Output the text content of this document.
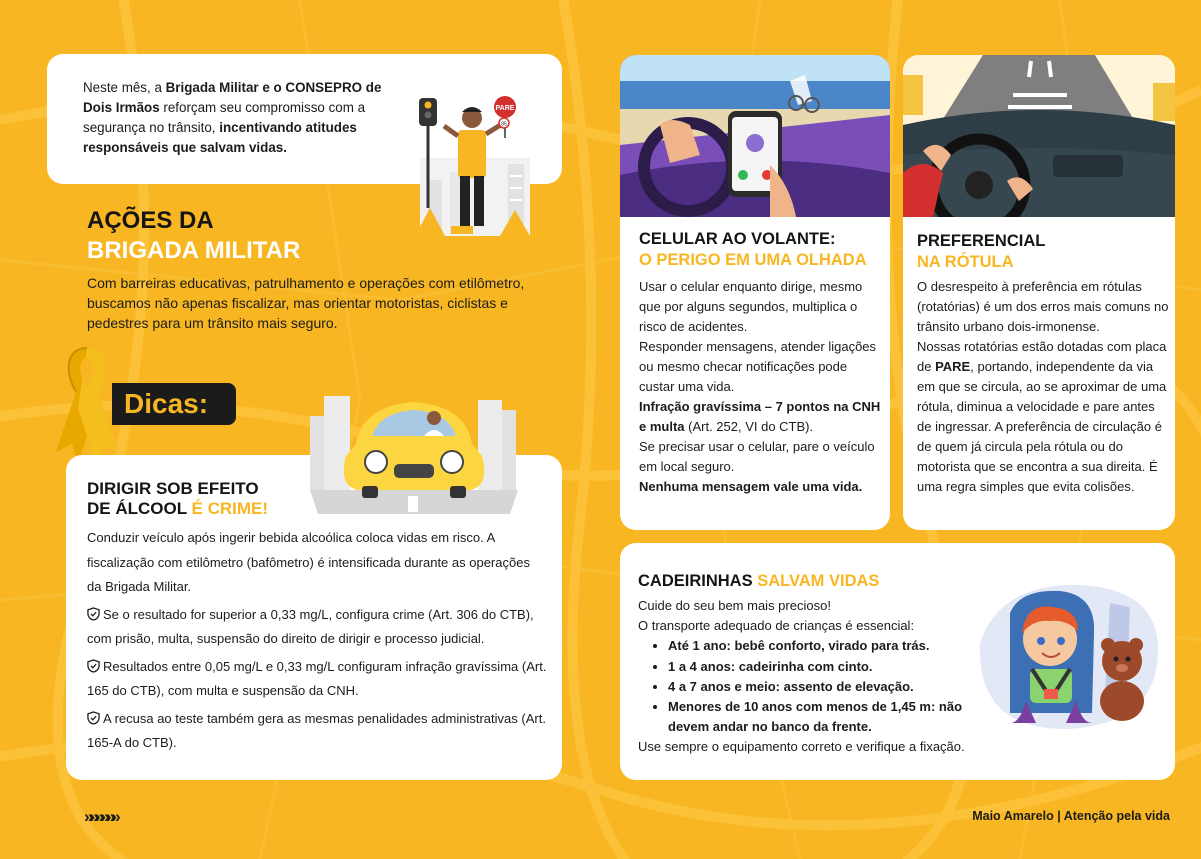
Neste mês, a Brigada Militar e o CONSEPRO de Dois Irmãos reforçam seu compromisso com a segurança no trânsito, incentivando atitudes responsáveis que salvam vidas.

PARE
85
AÇÕES DA
BRIGADA MILITAR

Com barreiras educativas, patrulhamento e operações com etilômetro, buscamos não apenas fiscalizar, mas orientar motoristas, ciclistas e pedestres para um trânsito mais seguro.

Dicas:
DIRIGIR SOB EFEITO
DE ÁLCOOL É CRIME!
Conduzir veículo após ingerir bebida alcoólica coloca vidas em risco. A fiscalização com etilômetro (bafômetro) é intensificada durante as operações da Brigada Militar.
Se o resultado for superior a 0,33 mg/L, configura crime (Art. 306 do CTB), com prisão, multa, suspensão do direito de dirigir e processo judicial.
Resultados entre 0,05 mg/L e 0,33 mg/L configuram infração gravíssima (Art. 165 do CTB), com multa e suspensão da CNH.
A recusa ao teste também gera as mesmas penalidades administrativas (Art. 165-A do CTB).
CELULAR AO VOLANTE:
O PERIGO EM UMA OLHADA
Usar o celular enquanto dirige, mesmo que por alguns segundos, multiplica o risco de acidentes.
Responder mensagens, atender ligações ou mesmo checar notificações pode custar uma vida.
Infração gravíssima – 7 pontos na CNH e multa (Art. 252, VI do CTB).
Se precisar usar o celular, pare o veículo em local seguro.
Nenhuma mensagem vale uma vida.
PREFERENCIAL
NA RÓTULA
O desrespeito à preferência em rótulas (rotatórias) é um dos erros mais comuns no trânsito urbano dois-irmonense.
Nossas rotatórias estão dotadas com placa de PARE, portando, independente da via em que se circula, ao se aproximar de uma rótula, diminua a velocidade e pare antes de ingressar. A preferência de circulação é de quem já circula pela rótula ou do motorista que se encontra a sua direita. É uma regra simples que evita colisões.
CADEIRINHAS SALVAM VIDAS
Cuide do seu bem mais precioso!
O transporte adequado de crianças é essencial:
• Até 1 ano: bebê conforto, virado para trás.
• 1 a 4 anos: cadeirinha com cinto.
• 4 a 7 anos e meio: assento de elevação.
• Menores de 10 anos com menos de 1,45 m: não devem andar no banco da frente.
Use sempre o equipamento correto e verifique a fixação.
»»»»»»	Maio Amarelo | Atenção pela vida
